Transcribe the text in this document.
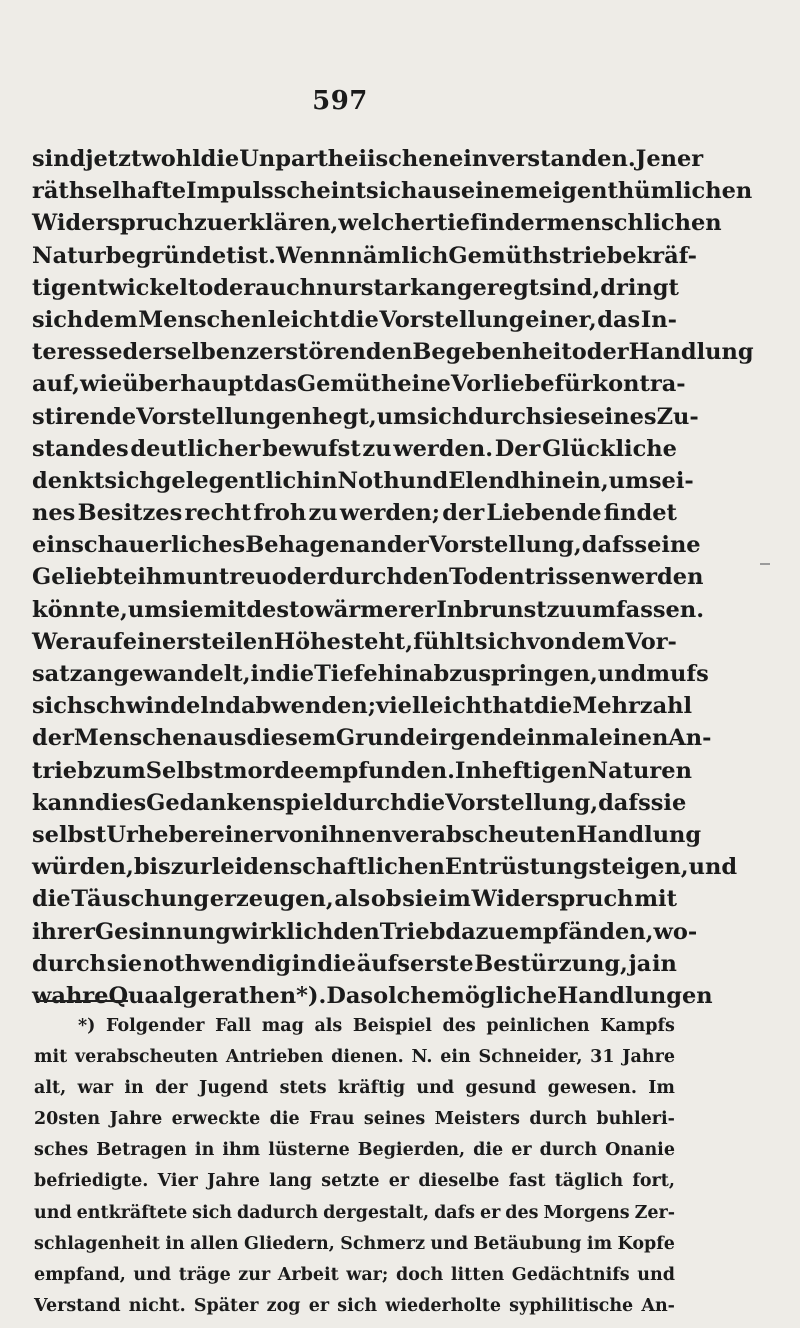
597
sind jetzt wohl die Unpartheiischen einverstanden. Jener
räthselhafte Impuls scheint sich aus einem eigenthümlichen
Widerspruch zu erklären, welcher tief in der menschlichen
Natur begründet ist. Wenn nämlich Gemüthstriebe kräf-
tig entwickelt oder auch nur stark angeregt sind, dringt
sich dem Menschen leicht die Vorstellung einer, das In-
teresse derselben zerstörenden Begebenheit oder Handlung
auf, wie überhaupt das Gemüth eine Vorliebe für kontra-
stirende Vorstellungen hegt, um sich durch sie seines Zu-
standes deutlicher bewufst zu werden. Der Glückliche
denkt sich gelegentlich in Noth und Elend hinein, um sei-
nes Besitzes recht froh zu werden; der Liebende findet
ein schauerliches Behagen an der Vorstellung, dafs seine
Geliebte ihm untreu oder durch den Tod entrissen werden
könnte, um sie mit desto wärmerer Inbrunst zu umfassen.
Wer auf einer steilen Höhe steht, fühlt sich von dem Vor-
satz angewandelt, in die Tiefe hinabzuspringen, und mufs
sich schwindelnd abwenden; vielleicht hat die Mehrzahl
der Menschen aus diesem Grunde irgend einmal einen An-
trieb zum Selbstmorde empfunden. In heftigen Naturen
kann dies Gedankenspiel durch die Vorstellung, dafs sie
selbst Urheber einer von ihnen verabscheuten Handlung
würden, bis zur leidenschaftlichen Entrüstung steigen, und
die Täuschung erzeugen, als ob sie im Widerspruch mit
ihrer Gesinnung wirklich den Trieb dazu empfänden, wo-
durch sie nothwendig in die äufserste Bestürzung, ja in
wahre Quaal gerathen*). Da solche mögliche Handlungen
*) Folgender Fall mag als Beispiel des peinlichen Kampfs
mit verabscheuten Antrieben dienen. N. ein Schneider, 31 Jahre
alt, war in der Jugend stets kräftig und gesund gewesen. Im
20sten Jahre erweckte die Frau seines Meisters durch buhleri-
sches Betragen in ihm lüsterne Begierden, die er durch Onanie
befriedigte. Vier Jahre lang setzte er dieselbe fast täglich fort,
und entkräftete sich dadurch dergestalt, dafs er des Morgens Zer-
schlagenheit in allen Gliedern, Schmerz und Betäubung im Kopfe
empfand, und träge zur Arbeit war; doch litten Gedächtnifs und
Verstand nicht. Später zog er sich wiederholte syphilitische An-
